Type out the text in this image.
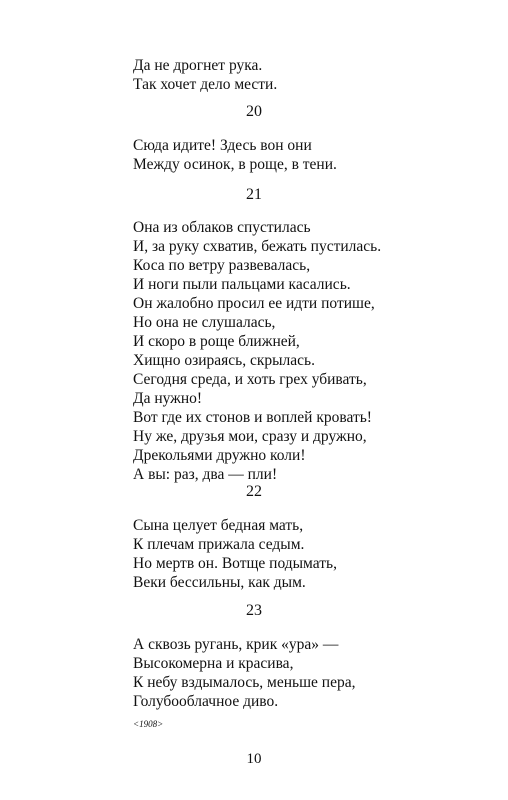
Да не дрогнет рука.
Так хочет дело мести.
20
Сюда идите! Здесь вон они
Между осинок, в роще, в тени.
21
Она из облаков спустилась
И, за руку схватив, бежать пустилась.
Коса по ветру развевалась,
И ноги пыли пальцами касались.
Он жалобно просил ее идти потише,
Но она не слушалась,
И скоро в роще ближней,
Хищно озираясь, скрылась.
Сегодня среда, и хоть грех убивать,
Да нужно!
Вот где их стонов и воплей кровать!
Ну же, друзья мои, сразу и дружно,
Дрекольями дружно коли!
А вы: раз, два — пли!
22
Сына целует бедная мать,
К плечам прижала седым.
Но мертв он. Вотще подымать,
Веки бессильны, как дым.
23
А сквозь ругань, крик «ура» —
Высокомерна и красива,
К небу вздымалось, меньше пера,
Голубооблачное диво.
<1908>
10
